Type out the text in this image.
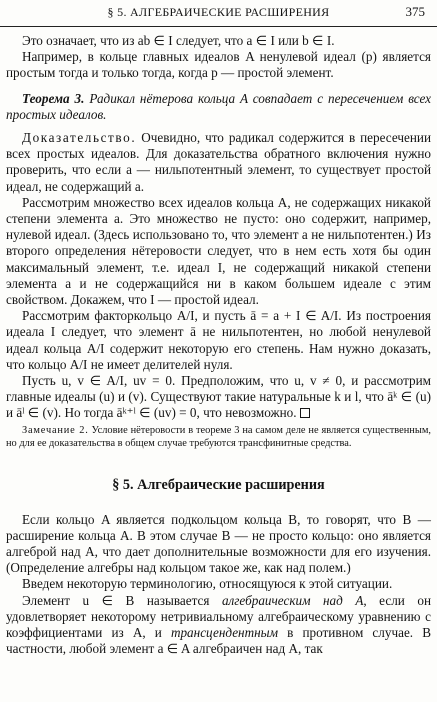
§ 5. АЛГЕБРАИЧЕСКИЕ РАСШИРЕНИЯ	375

Это означает, что из ab ∈ I следует, что a ∈ I или b ∈ I.

Например, в кольце главных идеалов A ненулевой идеал (p) является простым тогда и только тогда, когда p — простой элемент.

Теорема 3. Радикал нётерова кольца A совпадает с пересечением всех простых идеалов.

Доказательство. Очевидно, что радикал содержится в пересечении всех простых идеалов. Для доказательства обратного включения нужно проверить, что если a — нильпотентный элемент, то существует простой идеал, не содержащий a.

Рассмотрим множество всех идеалов кольца A, не содержащих никакой степени элемента a. Это множество не пусто: оно содержит, например, нулевой идеал. (Здесь использовано то, что элемент a не нильпотентен.) Из второго определения нётеровости следует, что в нем есть хотя бы один максимальный элемент, т.е. идеал I, не содержащий никакой степени элемента a и не содержащийся ни в каком большем идеале с этим свойством. Докажем, что I — простой идеал.

Рассмотрим факторкольцо A/I, и пусть ā = a + I ∈ A/I. Из построения идеала I следует, что элемент ā не нильпотентен, но любой ненулевой идеал кольца A/I содержит некоторую его степень. Нам нужно доказать, что кольцо A/I не имеет делителей нуля.

Пусть u, v ∈ A/I, uv = 0. Предположим, что u, v ≠ 0, и рассмотрим главные идеалы (u) и (v). Существуют такие натуральные k и l, что āᵏ ∈ (u) и āˡ ∈ (v). Но тогда āᵏ⁺ˡ ∈ (uv) = 0, что невозможно.

Замечание 2. Условие нётеровости в теореме 3 на самом деле не является существенным, но для ее доказательства в общем случае требуются трансфинитные средства.

§ 5. Алгебраические расширения

Если кольцо A является подкольцом кольца B, то говорят, что B — расширение кольца A. В этом случае B — не просто кольцо: оно является алгеброй над A, что дает дополнительные возможности для его изучения. (Определение алгебры над кольцом такое же, как над полем.)

Введем некоторую терминологию, относящуюся к этой ситуации.

Элемент u ∈ B называется алгебраическим над A, если он удовлетворяет некоторому нетривиальному алгебраическому уравнению с коэффициентами из A, и трансцендентным в противном случае. В частности, любой элемент a ∈ A алгебраичен над A, так
